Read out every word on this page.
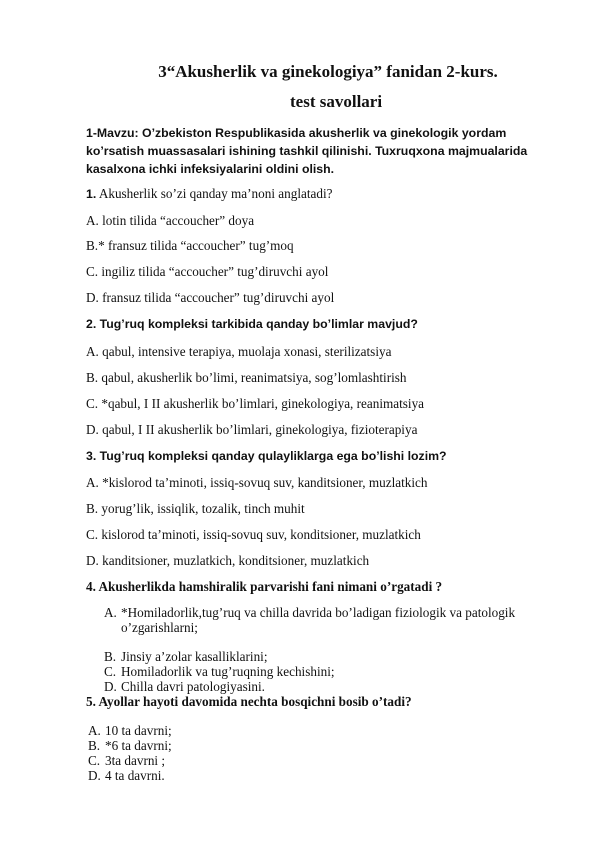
3“Akusherlik va ginekologiya” fanidan 2-kurs.
test savollari
1-Mavzu: O’zbekiston Respublikasida akusherlik va ginekologik yordam ko’rsatish muassasalari ishining tashkil qilinishi. Tuxruqxona majmualarida kasalxona ichki infeksiyalarini oldini olish.
1. Akusherlik so’zi qanday ma’noni anglatadi?
A. lotin tilida “accoucher” doya
B.* fransuz tilida “accoucher” tug’moq
C. ingiliz tilida “accoucher” tug’diruvchi ayol
D. fransuz tilida “accoucher” tug’diruvchi ayol
2. Tug’ruq kompleksi tarkibida qanday bo’limlar mavjud?
A. qabul, intensive terapiya, muolaja xonasi, sterilizatsiya
B. qabul, akusherlik bo’limi, reanimatsiya, sog’lomlashtirish
C. *qabul, I II akusherlik bo’limlari, ginekologiya, reanimatsiya
D. qabul, I II akusherlik bo’limlari, ginekologiya, fizioterapiya
3. Tug’ruq kompleksi qanday qulayliklarga ega bo’lishi lozim?
A. *kislorod ta’minoti, issiq-sovuq suv, kanditsioner, muzlatkich
B. yorug’lik, issiqlik, tozalik, tinch muhit
C. kislorod ta’minoti, issiq-sovuq suv, konditsioner, muzlatkich
D. kanditsioner, muzlatkich, konditsioner, muzlatkich
4. Akusherlikda hamshiralik parvarishi fani nimani o’rgatadi ?
A. *Homiladorlik,tug’ruq va chilla davrida bo’ladigan fiziologik va patologik o’zgarishlarni;
B. Jinsiy a’zolar kasalliklarini;
C. Homiladorlik va tug’ruqning kechishini;
D. Chilla davri patologiyasini.
5. Ayollar hayoti davomida nechta bosqichni bosib o’tadi?
A. 10 ta davrni;
B. *6 ta davrni;
C. 3ta davrni ;
D. 4 ta davrni.
